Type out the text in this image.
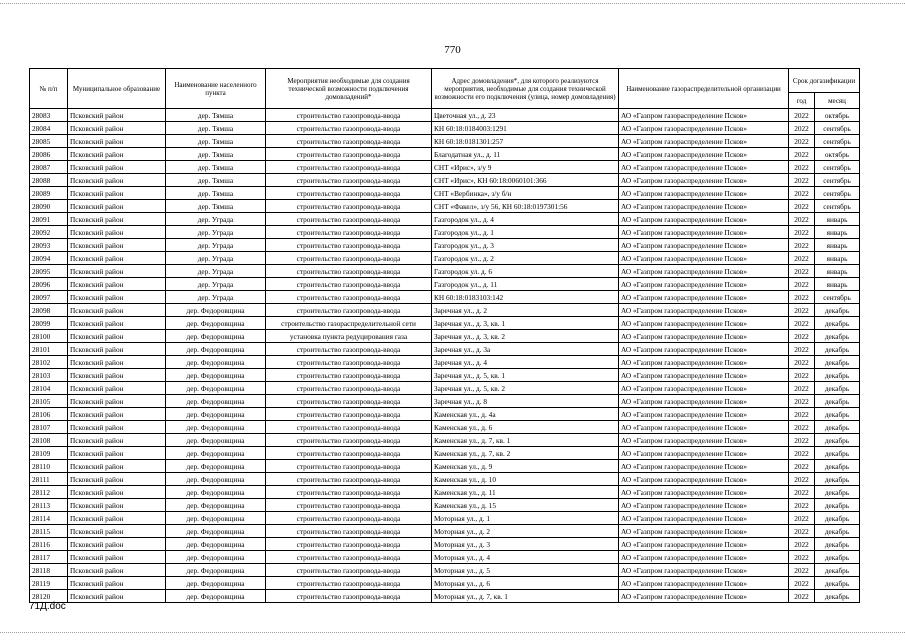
770
№ п/п	Муниципальное образование	Наименование населенного пункта	Мероприятия необходимые для создания технической возможности подключения домовладений*	Адрес домовладения*, для которого реализуются мероприятия, необходимые для создания технической возможности его подключения (улица, номер домовладения)	Наименование газораспределительной организации	Срок догазификации	
						год	месяц
28083	Псковский район	дер. Тямша	строительство газопровода-ввода	Цветочная ул., д. 23	АО «Газпром газораспределение Псков»	2022	октябрь
28084	Псковский район	дер. Тямша	строительство газопровода-ввода	КН 60:18:0184003:1291	АО «Газпром газораспределение Псков»	2022	сентябрь
28085	Псковский район	дер. Тямша	строительство газопровода-ввода	КН 60:18:0181301:257	АО «Газпром газораспределение Псков»	2022	сентябрь
28086	Псковский район	дер. Тямша	строительство газопровода-ввода	Благодатная ул., д. 11	АО «Газпром газораспределение Псков»	2022	октябрь
28087	Псковский район	дер. Тямша	строительство газопровода-ввода	СНТ «Ирис», з/у 9	АО «Газпром газораспределение Псков»	2022	сентябрь
28088	Псковский район	дер. Тямша	строительство газопровода-ввода	СНТ «Ирис», КН 60:18:0060101:366	АО «Газпром газораспределение Псков»	2022	сентябрь
28089	Псковский район	дер. Тямша	строительство газопровода-ввода	СНТ «Вербинка», з/у б/н	АО «Газпром газораспределение Псков»	2022	сентябрь
28090	Псковский район	дер. Тямша	строительство газопровода-ввода	СНТ «Факел», з/у 56, КН 60:18:0197301:56	АО «Газпром газораспределение Псков»	2022	сентябрь
28091	Псковский район	дер. Уграда	строительство газопровода-ввода	Газгородок ул., д. 4	АО «Газпром газораспределение Псков»	2022	январь
28092	Псковский район	дер. Уграда	строительство газопровода-ввода	Газгородок ул., д. 1	АО «Газпром газораспределение Псков»	2022	январь
28093	Псковский район	дер. Уграда	строительство газопровода-ввода	Газгородок ул., д. 3	АО «Газпром газораспределение Псков»	2022	январь
28094	Псковский район	дер. Уграда	строительство газопровода-ввода	Газгородок ул., д. 2	АО «Газпром газораспределение Псков»	2022	январь
28095	Псковский район	дер. Уграда	строительство газопровода-ввода	Газгородок ул. д. 6	АО «Газпром газораспределение Псков»	2022	январь
28096	Псковский район	дер. Уграда	строительство газопровода-ввода	Газгородок ул., д. 11	АО «Газпром газораспределение Псков»	2022	январь
28097	Псковский район	дер. Уграда	строительство газопровода-ввода	КН 60:18:0183103:142	АО «Газпром газораспределение Псков»	2022	сентябрь
28098	Псковский район	дер. Федоровщина	строительство газопровода-ввода	Заречная ул., д. 2	АО «Газпром газораспределение Псков»	2022	декабрь
28099	Псковский район	дер. Федоровщина	строительство газораспределительной сети	Заречная ул., д. 3, кв. 1	АО «Газпром газораспределение Псков»	2022	декабрь
28100	Псковский район	дер. Федоровщина	установка пункта редуцирования газа	Заречная ул., д. 3, кв. 2	АО «Газпром газораспределение Псков»	2022	декабрь
28101	Псковский район	дер. Федоровщина	строительство газопровода-ввода	Заречная ул., д. 3а	АО «Газпром газораспределение Псков»	2022	декабрь
28102	Псковский район	дер. Федоровщина	строительство газопровода-ввода	Заречная ул., д. 4	АО «Газпром газораспределение Псков»	2022	декабрь
28103	Псковский район	дер. Федоровщина	строительство газопровода-ввода	Заречная ул., д. 5, кв. 1	АО «Газпром газораспределение Псков»	2022	декабрь
28104	Псковский район	дер. Федоровщина	строительство газопровода-ввода	Заречная ул., д. 5, кв. 2	АО «Газпром газораспределение Псков»	2022	декабрь
28105	Псковский район	дер. Федоровщина	строительство газопровода-ввода	Заречная ул., д. 8	АО «Газпром газораспределение Псков»	2022	декабрь
28106	Псковский район	дер. Федоровщина	строительство газопровода-ввода	Каменская ул., д. 4а	АО «Газпром газораспределение Псков»	2022	декабрь
28107	Псковский район	дер. Федоровщина	строительство газопровода-ввода	Каменская ул., д. 6	АО «Газпром газораспределение Псков»	2022	декабрь
28108	Псковский район	дер. Федоровщина	строительство газопровода-ввода	Каменская ул., д. 7, кв. 1	АО «Газпром газораспределение Псков»	2022	декабрь
28109	Псковский район	дер. Федоровщина	строительство газопровода-ввода	Каменская ул., д. 7, кв. 2	АО «Газпром газораспределение Псков»	2022	декабрь
28110	Псковский район	дер. Федоровщина	строительство газопровода-ввода	Каменская ул., д. 9	АО «Газпром газораспределение Псков»	2022	декабрь
28111	Псковский район	дер. Федоровщина	строительство газопровода-ввода	Каменская ул., д. 10	АО «Газпром газораспределение Псков»	2022	декабрь
28112	Псковский район	дер. Федоровщина	строительство газопровода-ввода	Каменская ул., д. 11	АО «Газпром газораспределение Псков»	2022	декабрь
28113	Псковский район	дер. Федоровщина	строительство газопровода-ввода	Каменская ул., д. 15	АО «Газпром газораспределение Псков»	2022	декабрь
28114	Псковский район	дер. Федоровщина	строительство газопровода-ввода	Моторная ул., д. 1	АО «Газпром газораспределение Псков»	2022	декабрь
28115	Псковский район	дер. Федоровщина	строительство газопровода-ввода	Моторная ул., д. 2	АО «Газпром газораспределение Псков»	2022	декабрь
28116	Псковский район	дер. Федоровщина	строительство газопровода-ввода	Моторная ул., д. 3	АО «Газпром газораспределение Псков»	2022	декабрь
28117	Псковский район	дер. Федоровщина	строительство газопровода-ввода	Моторная ул., д. 4	АО «Газпром газораспределение Псков»	2022	декабрь
28118	Псковский район	дер. Федоровщина	строительство газопровода-ввода	Моторная ул., д. 5	АО «Газпром газораспределение Псков»	2022	декабрь
28119	Псковский район	дер. Федоровщина	строительство газопровода-ввода	Моторная ул., д. 6	АО «Газпром газораспределение Псков»	2022	декабрь
28120	Псковский район	дер. Федоровщина	строительство газопровода-ввода	Моторная ул., д. 7, кв. 1	АО «Газпром газораспределение Псков»	2022	декабрь
71Д.doc
